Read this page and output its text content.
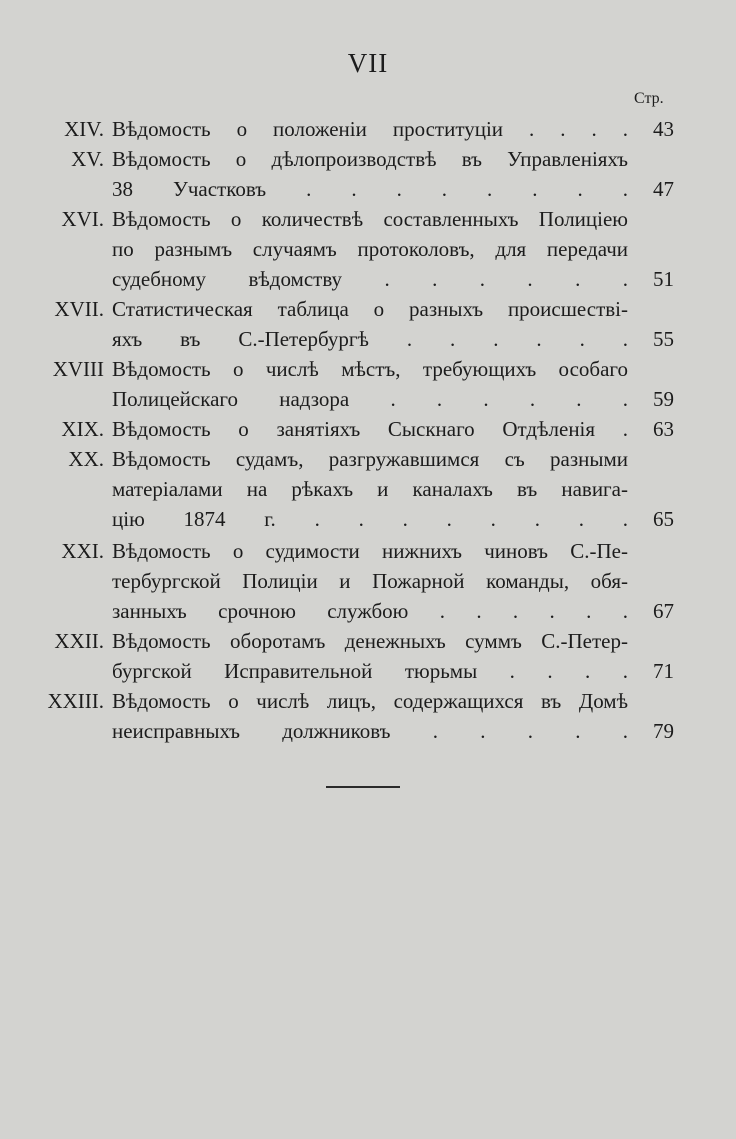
VII
Стр.
XIV. Вѣдомость о положеніи проституціи . . . .	43
XV. Вѣдомость о дѣлопроизводствѣ въ Управленіяхъ
38 Участковъ . . . . . . . .	47
XVI. Вѣдомость о количествѣ составленныхъ Полиціею
по разнымъ случаямъ протоколовъ, для передачи
судебному вѣдомству . . . . . .	51
XVII. Статистическая таблица о разныхъ происшествi-
яхъ въ С.-Петербургѣ . . . . . .	55
XVIII Вѣдомость о числѣ мѣстъ, требующихъ особаго
Полицейскаго надзора . . . . . .	59
XIX. Вѣдомость о занятіяхъ Сыскнаго Отдѣленія .	63
XX. Вѣдомость судамъ, разгружавшимся съ разными
матеріалами на рѣкахъ и каналахъ въ навига-
цію 1874 г. . . . . . . . .	65
XXI. Вѣдомость о судимости нижнихъ чиновъ С.-Пе-
тербургской Полиціи и Пожарной команды, обя-
занныхъ срочною службою . . . . . .	67
XXII. Вѣдомость оборотамъ денежныхъ суммъ С.-Петер-
бургской Исправительной тюрьмы . . . .	71
XXIII. Вѣдомость о числѣ лицъ, содержащихся въ Домѣ
неисправныхъ должниковъ . . . . .	79
